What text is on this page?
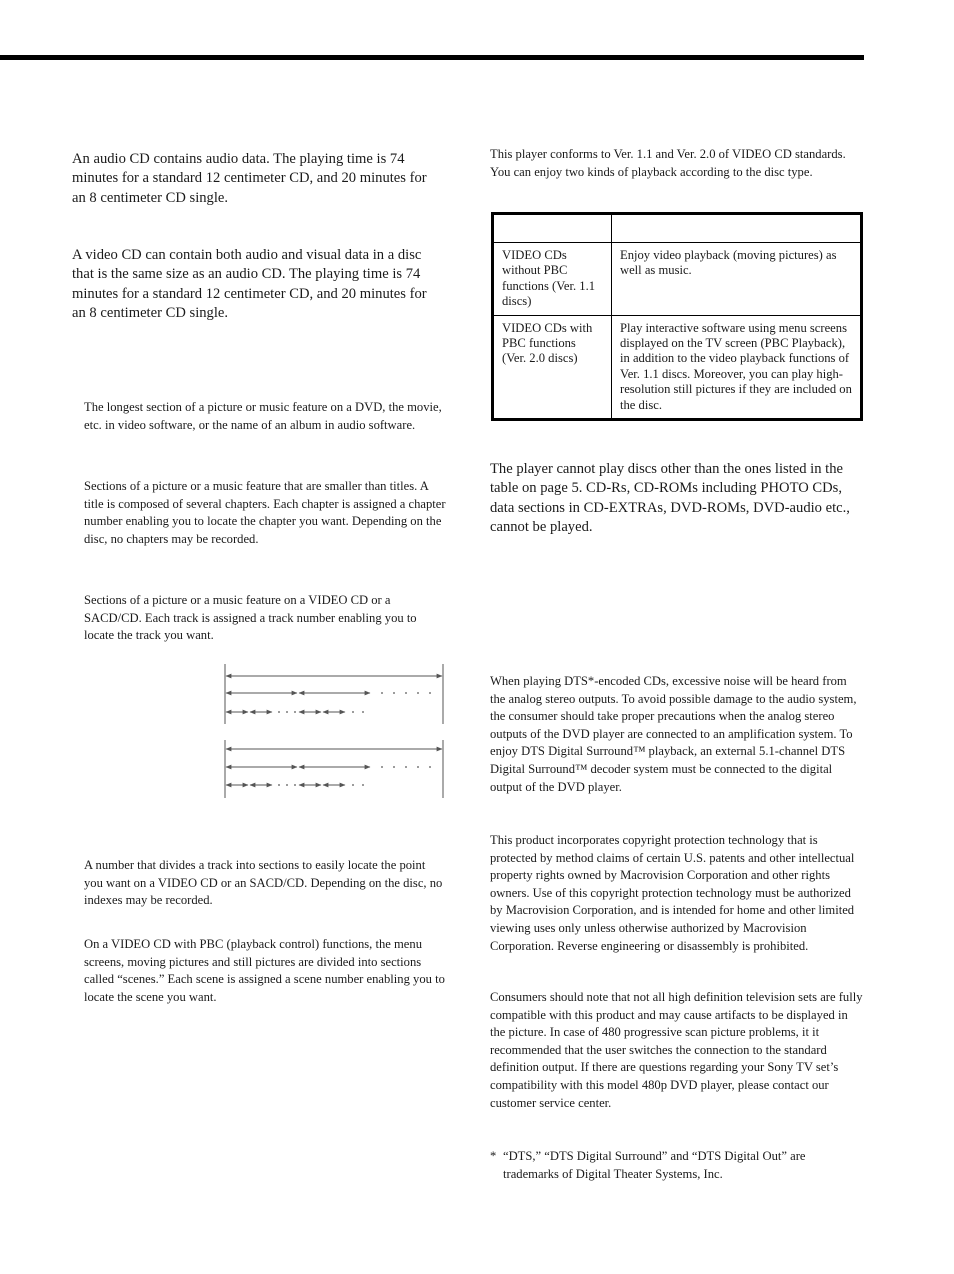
An audio CD contains audio data. The playing time is 74 minutes for a standard 12 centimeter CD, and 20 minutes for an 8 centimeter CD single.

A video CD can contain both audio and visual data in a disc that is the same size as an audio CD. The playing time is 74 minutes for a standard 12 centimeter CD, and 20 minutes for an 8 centimeter CD single.

The longest section of a picture or music feature on a DVD, the movie, etc. in video software, or the name of an album in audio software.

Sections of a picture or a music feature that are smaller than titles. A title is composed of several chapters. Each chapter is assigned a chapter number enabling you to locate the chapter you want. Depending on the disc, no chapters may be recorded.

Sections of a picture or a music feature on a VIDEO CD or a SACD/CD. Each track is assigned a track number enabling you to locate the track you want.

A number that divides a track into sections to easily locate the point you want on a VIDEO CD or an SACD/CD. Depending on the disc, no indexes may be recorded.

On a VIDEO CD with PBC (playback control) functions, the menu screens, moving pictures and still pictures are divided into sections called “scenes.” Each scene is assigned a scene number enabling you to locate the scene you want.

This player conforms to Ver. 1.1 and Ver. 2.0 of VIDEO CD standards. You can enjoy two kinds of playback according to the disc type.

VIDEO CDs without PBC functions (Ver. 1.1 discs)	Enjoy video playback (moving pictures) as well as music.
VIDEO CDs with PBC functions (Ver. 2.0 discs)	Play interactive software using menu screens displayed on the TV screen (PBC Playback), in addition to the video playback functions of Ver. 1.1 discs. Moreover, you can play high-resolution still pictures if they are included on the disc.

The player cannot play discs other than the ones listed in the table on page 5. CD-Rs, CD-ROMs including PHOTO CDs, data sections in CD-EXTRAs, DVD-ROMs, DVD-audio etc., cannot be played.

When playing DTS*-encoded CDs, excessive noise will be heard from the analog stereo outputs. To avoid possible damage to the audio system, the consumer should take proper precautions when the analog stereo outputs of the DVD player are connected to an amplification system. To enjoy DTS Digital Surround™ playback, an external 5.1-channel DTS Digital Surround™ decoder system must be connected to the digital output of the DVD player.

This product incorporates copyright protection technology that is protected by method claims of certain U.S. patents and other intellectual property rights owned by Macrovision Corporation and other rights owners. Use of this copyright protection technology must be authorized by Macrovision Corporation, and is intended for home and other limited viewing uses only unless otherwise authorized by Macrovision Corporation. Reverse engineering or disassembly is prohibited.

Consumers should note that not all high definition television sets are fully compatible with this product and may cause artifacts to be displayed in the picture. In case of 480 progressive scan picture problems, it it recommended that the user switches the connection to the standard definition output. If there are questions regarding your Sony TV set’s compatibility with this model 480p DVD player, please contact our customer service center.

* “DTS,” “DTS Digital Surround” and “DTS Digital Out” are trademarks of Digital Theater Systems, Inc.
